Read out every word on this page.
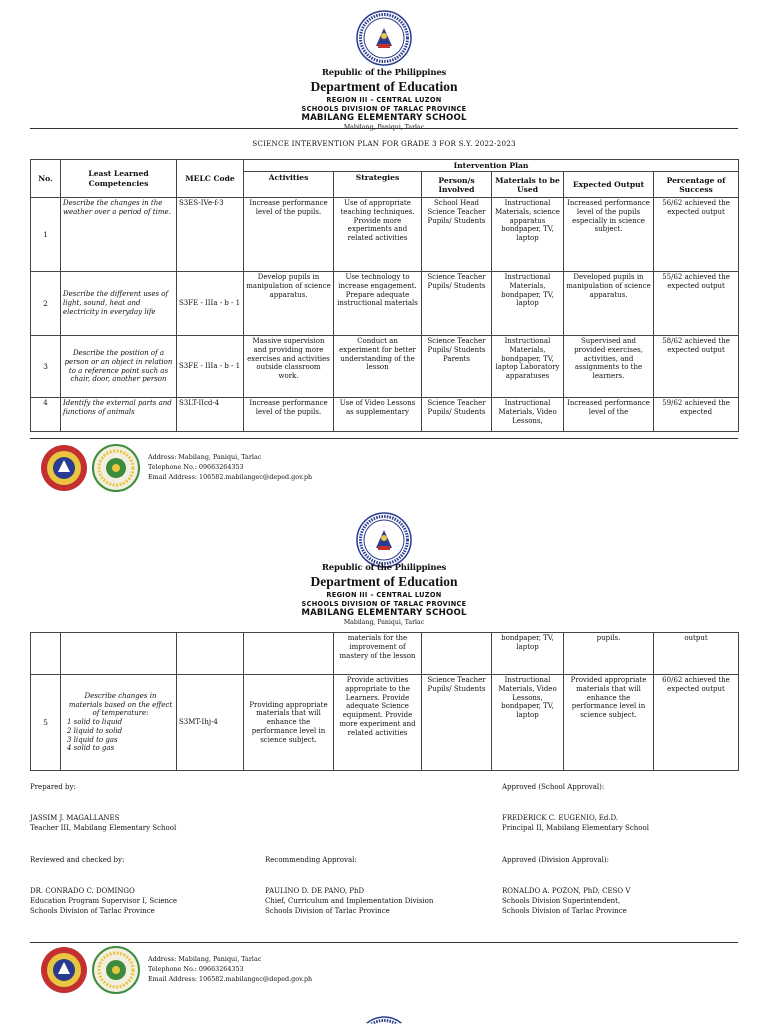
Republic of the Philippines
Department of Education
REGION III – CENTRAL LUZON
SCHOOLS DIVISION OF TARLAC PROVINCE
MABILANG ELEMENTARY SCHOOL
SCIENCE INTERVENTION PLAN FOR GRADE 3 FOR S.Y. 2022-2023
No.	Least Learned Competencies	MELC Code	Intervention Plan					
			Activities	Strategies	Person/s Involved	Materials to be Used	Expected Output	Percentage of Success
1	Describe the changes in the weather over a period of time.	S3ES-IVe-f-3	Increase performance level of the pupils.	Use of appropriate teaching techniques. Provide more experiments and related activities	School Head Science Teacher Pupils/ Students	Instructional Materials, science apparatus bondpaper, TV, laptop	Increased performance level of the pupils especially in science subject.	56/62 achieved the expected output
2	Describe the different uses of light, sound, heat and electricity in everyday life	S3FE - IIIa - b - 1	Develop pupils in manipulation of science apparatus.	Use technology to increase engagement. Prepare adequate instructional materials	Science Teacher Pupils/ Students	Instructional Materials, bondpaper, TV, laptop	Developed pupils in manipulation of science apparatus.	55/62 achieved the expected output
3	Describe the position of a person or an object in relation to a reference point such as chair, door, another person	S3FE - IIIa - b - 1	Massive supervision and providing more exercises and activities outside classroom work.	Conduct an experiment for better understanding of the lesson	Science Teacher Pupils/ Students Parents	Instructional Materials, bondpaper, TV, laptop Laboratory apparatuses	Supervised and provided exercises, activities, and assignments to the learners.	58/62 achieved the expected output
4	Identify the external parts and functions of animals	S3LT-IIcd-4	Increase performance level of the pupils.	Use of Video Lessons as supplementary	Science Teacher Pupils/ Students	Instructional Materials, Video Lessons,	Increased performance level of the	59/62 achieved the expected
Address: Mabilang, Paniqui, Tarlac
Telephone No.: 09663264353
Email Address: 106582.mabilangec@deped.gov.ph
Republic of the Philippines
Department of Education
REGION III – CENTRAL LUZON
SCHOOLS DIVISION OF TARLAC PROVINCE
MABILANG ELEMENTARY SCHOOL
Mabilang, Paniqui, Tarlac
				materials for the improvement of mastery of the lesson		bondpaper, TV, laptop	pupils.	output
5	Describe changes in materials based on the effect of temperature:
1 solid to liquid
2 liquid to solid
3 liquid to gas
4 solid to gas	S3MT-Ihj-4	Providing appropriate materials that will enhance the performance level in science subject.	Provide activities appropriate to the Learners. Provide adequate Science equipment. Provide more experiment and related activities	Science Teacher Pupils/ Students	Instructional Materials, Video Lessons, bondpaper, TV, laptop	Provided appropriate materials that will enhance the performance level in science subject.	60/62 achieved the expected output
Prepared by:	Approved (School Approval):
JASSIM J. MAGALLANES
Teacher III, Mabilang Elementary School
FREDERICK C. EUGENIO, Ed.D.
Principal II, Mabilang Elementary School
Reviewed and checked by:	Recommending Approval:	Approved (Division Approval):
DR. CONRADO C. DOMINGO
Education Program Supervisor I, Science
Schools Division of Tarlac Province
PAULINO D. DE PANO, PhD
Chief, Curriculum and Implementation Division
Schools Division of Tarlac Province
RONALDO A. POZON, PhD, CESO V
Schools Division Superintendent,
Schools Division of Tarlac Province
Address: Mabilang, Paniqui, Tarlac
Telephone No.: 09663264353
Email Address: 106582.mabilangec@deped.gov.ph
